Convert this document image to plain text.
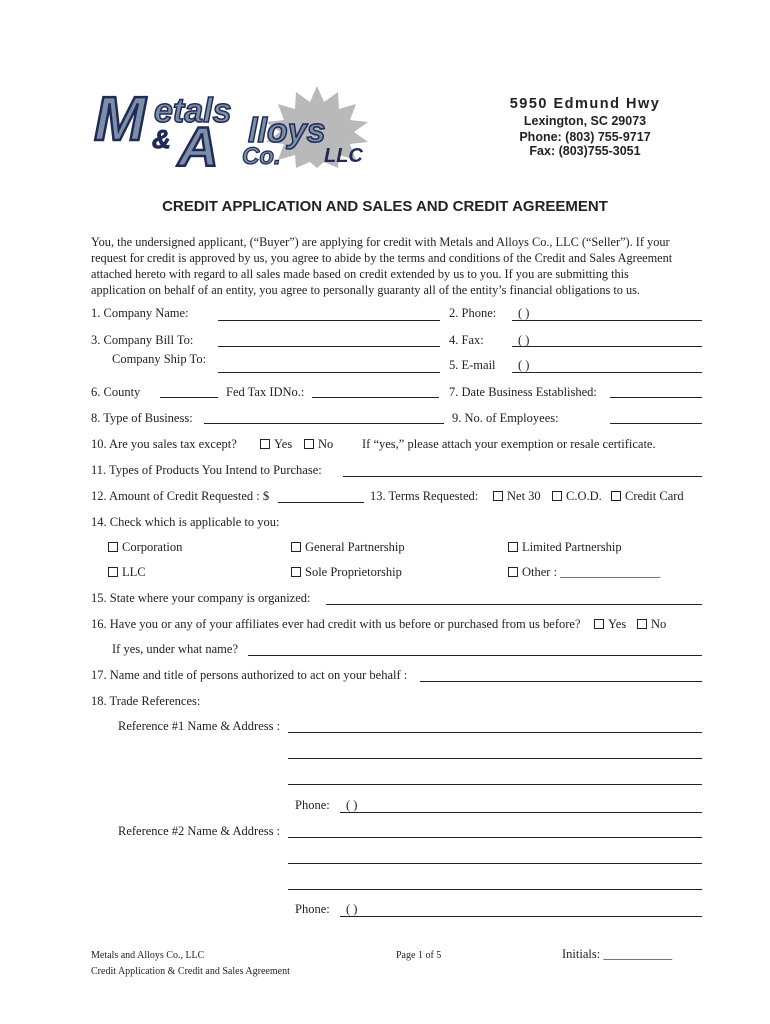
M etals
& A lloys
Co. LLC
5950 Edmund Hwy
Lexington, SC 29073
Phone: (803) 755-9717
Fax: (803)755-3051
CREDIT APPLICATION AND SALES AND CREDIT AGREEMENT

You, the undersigned applicant, (“Buyer”) are applying for credit with Metals and Alloys Co., LLC (“Seller”). If your

request for credit is approved by us, you agree to abide by the terms and conditions of the Credit and Sales Agreement

attached hereto with regard to all sales made based on credit extended by us to you. If you are submitting this

application on behalf of an entity, you agree to personally guaranty all of the entity’s financial obligations to us.

1. Company Name:	2. Phone: ( )
3. Company Bill To:	4. Fax:	( )
Company Ship To:	5. E-mail ( )
6. County	Fed Tax IDNo.:	7. Date Business Established:
8. Type of Business:	9. No. of Employees:
10. Are you sales tax except?	Yes	No If “yes,” please attach your exemption or resale certificate.
11. Types of Products You Intend to Purchase:
12. Amount of Credit Requested : $	13. Terms Requested:	Net 30	C.O.D.	Credit Card
14. Check which is applicable to you:
Corporation	General Partnership	Limited Partnership
LLC	Sole Proprietorship	Other : ________________
15. State where your company is organized:
16. Have you or any of your affiliates ever had credit with us before or purchased from us before?	Yes	No
If yes, under what name?
17. Name and title of persons authorized to act on your behalf :
18. Trade References:
Reference #1 Name & Address :
Phone: ( )
Reference #2 Name & Address :
Phone: ( )
Metals and Alloys Co., LLC
Credit Application & Credit and Sales Agreement
Page 1 of 5	Initials: ___________
